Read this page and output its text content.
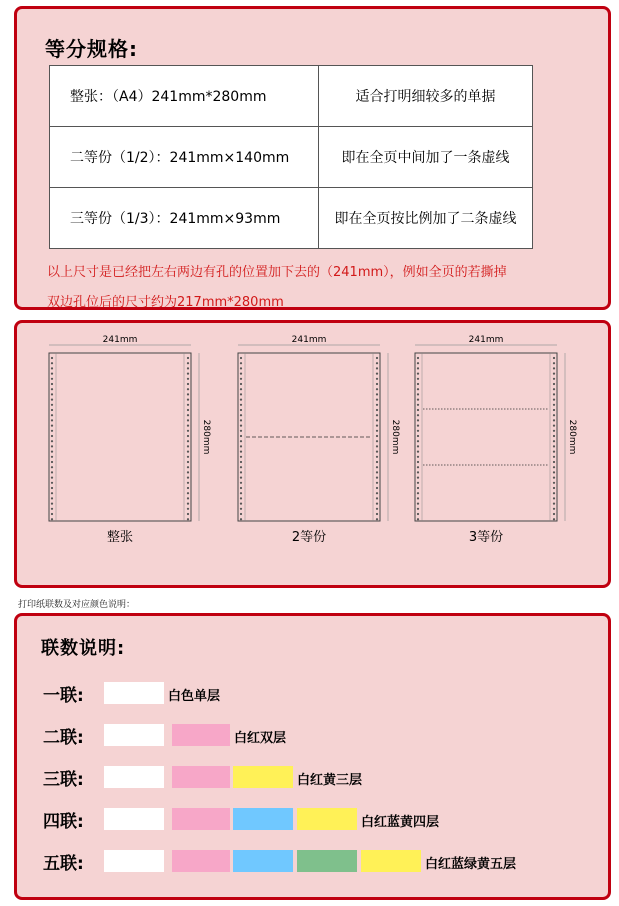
等分规格:
整张：（A4）241mm*280mm	适合打明细较多的单据
二等份（1/2）：241mm×140mm	即在全页中间加了一条虚线
三等份（1/3）：241mm×93mm	即在全页按比例加了二条虚线
以上尺寸是已经把左右两边有孔的位置加下去的（241mm），例如全页的若撕掉
双边孔位后的尺寸约为217mm*280mm
241mm
280mm
整张
241mm
280mm
2等份
241mm
280mm
3等份
打印纸联数及对应颜色说明：
联数说明:
一联:	白色单层
二联:	白红双层
三联:	白红黄三层
四联:	白红蓝黄四层
五联:	白红蓝绿黄五层
